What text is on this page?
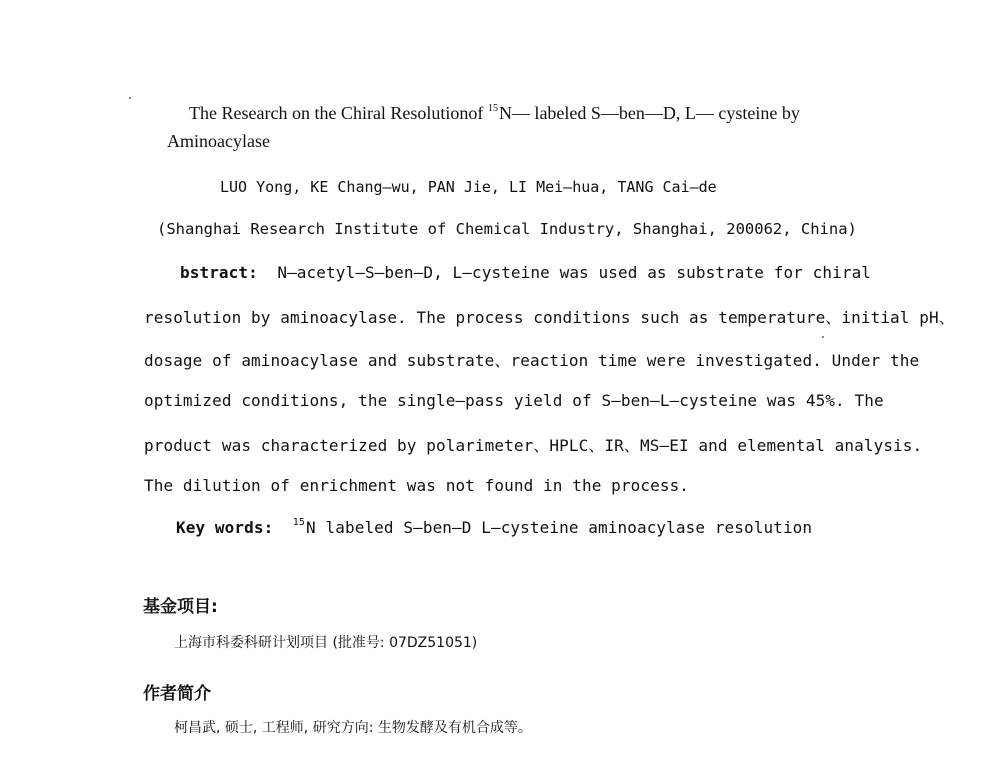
The Research on the Chiral Resolutionof $^{15}$N— labeled S—ben—D, L— cysteine by
Aminoacylase
LUO Yong, KE Chang—wu, PAN Jie, LI Mei—hua, TANG Cai—de
(Shanghai Research Institute of Chemical Industry, Shanghai, 200062, China)
bstract: N—acetyl—S—ben—D, L—cysteine was used as substrate for chiral
resolution by aminoacylase. The process conditions such as temperature、initial pH、
dosage of aminoacylase and substrate、reaction time were investigated. Under the
optimized conditions, the single—pass yield of S—ben—L—cysteine was 45%. The
product was characterized by polarimeter、HPLC、IR、MS—EI and elemental analysis.
The dilution of enrichment was not found in the process.
Key words: $^{15}$N labeled S—ben—D L—cysteine aminoacylase resolution
基金项目:
上海市科委科研计划项目 (批准号: 07DZ51051)
作者简介
柯昌武, 硕士, 工程师, 研究方向: 生物发酵及有机合成等。
